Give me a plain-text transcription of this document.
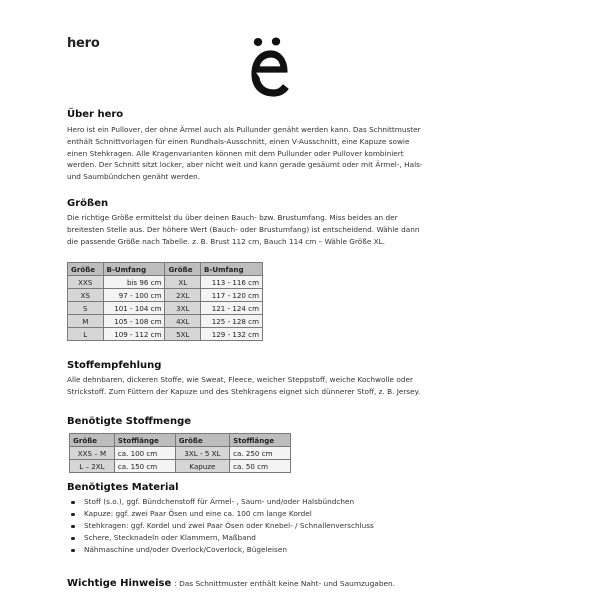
hero
Über hero
Hero ist ein Pullover, der ohne Ärmel auch als Pullunder genäht werden kann. Das Schnittmuster
enthält Schnittvorlagen für einen Rundhals-Ausschnitt, einen V-Ausschnitt, eine Kapuze sowie
einen Stehkragen. Alle Kragenvarianten können mit dem Pullunder oder Pullover kombiniert
werden. Der Schnitt sitzt locker, aber nicht weit und kann gerade gesäumt oder mit Ärmel-, Hals-
und Saumbündchen genäht werden.
Größen
Die richtige Größe ermittelst du über deinen Bauch- bzw. Brustumfang. Miss beides an der
breitesten Stelle aus. Der höhere Wert (Bauch- oder Brustumfang) ist entscheidend. Wähle dann
die passende Größe nach Tabelle. z. B. Brust 112 cm, Bauch 114 cm – Wähle Größe XL.
Größe	B-Umfang	Größe	B-Umfang
XXS	bis 96 cm	XL	113 - 116 cm
XS	97 - 100 cm	2XL	117 - 120 cm
S	101 - 104 cm	3XL	121 - 124 cm
M	105 - 108 cm	4XL	125 - 128 cm
L	109 - 112 cm	5XL	129 - 132 cm
Stoffempfehlung
Alle dehnbaren, dickeren Stoffe, wie Sweat, Fleece, weicher Steppstoff, weiche Kochwolle oder
Strickstoff. Zum Füttern der Kapuze und des Stehkragens eignet sich dünnerer Stoff, z. B. Jersey.
Benötigte Stoffmenge
Größe	Stofflänge	Größe	Stofflänge
XXS – M	ca. 100 cm	3XL - 5 XL	ca. 250 cm
L – 2XL	ca. 150 cm	Kapuze	ca. 50 cm
Benötigtes Material
Stoff (s.o.), ggf. Bündchenstoff für Ärmel- , Saum- und/oder Halsbündchen
Kapuze: ggf. zwei Paar Ösen und eine ca. 100 cm lange Kordel
Stehkragen: ggf. Kordel und zwei Paar Ösen oder Knebel- / Schnallenverschluss
Schere, Stecknadeln oder Klammern, Maßband
Nähmaschine und/oder Overlock/Coverlock, Bügeleisen
Wichtige Hinweise : Das Schnittmuster enthält keine Naht- und Saumzugaben.
